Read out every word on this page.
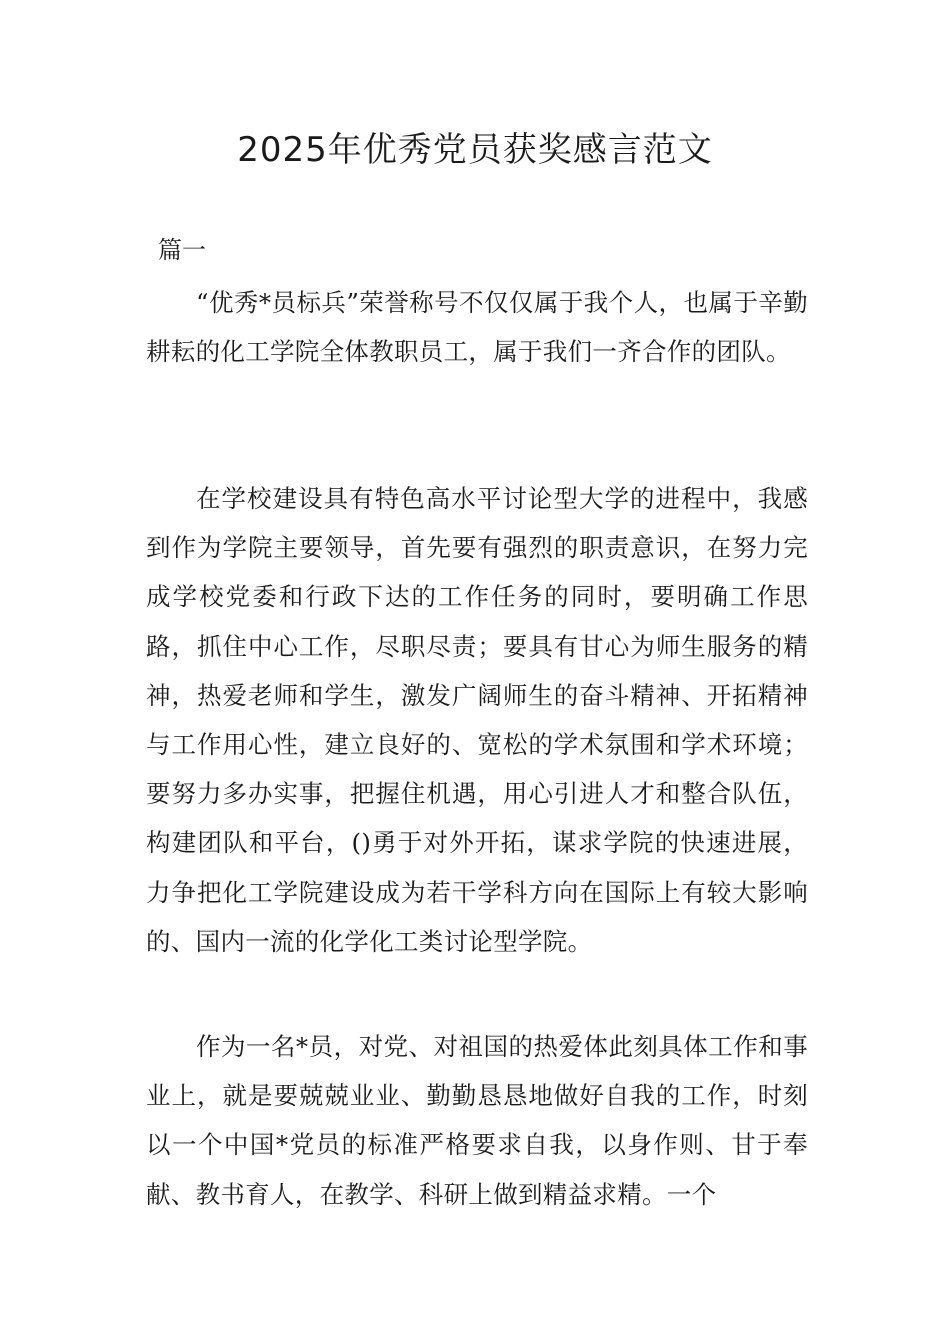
2025年优秀党员获奖感言范文

篇一

“优秀*员标兵”荣誉称号不仅仅属于我个人，也属于辛勤耕耘的化工学院全体教职员工，属于我们一齐合作的团队。

在学校建设具有特色高水平讨论型大学的进程中，我感到作为学院主要领导，首先要有强烈的职责意识，在努力完成学校党委和行政下达的工作任务的同时，要明确工作思路，抓住中心工作，尽职尽责；要具有甘心为师生服务的精神，热爱老师和学生，激发广阔师生的奋斗精神、开拓精神与工作用心性，建立良好的、宽松的学术氛围和学术环境；要努力多办实事，把握住机遇，用心引进人才和整合队伍，构建团队和平台，()勇于对外开拓，谋求学院的快速进展，力争把化工学院建设成为若干学科方向在国际上有较大影响的、国内一流的化学化工类讨论型学院。

作为一名*员，对党、对祖国的热爱体此刻具体工作和事业上，就是要兢兢业业、勤勤恳恳地做好自我的工作，时刻以一个中国*党员的标准严格要求自我，以身作则、甘于奉献、教书育人，在教学、科研上做到精益求精。一个
